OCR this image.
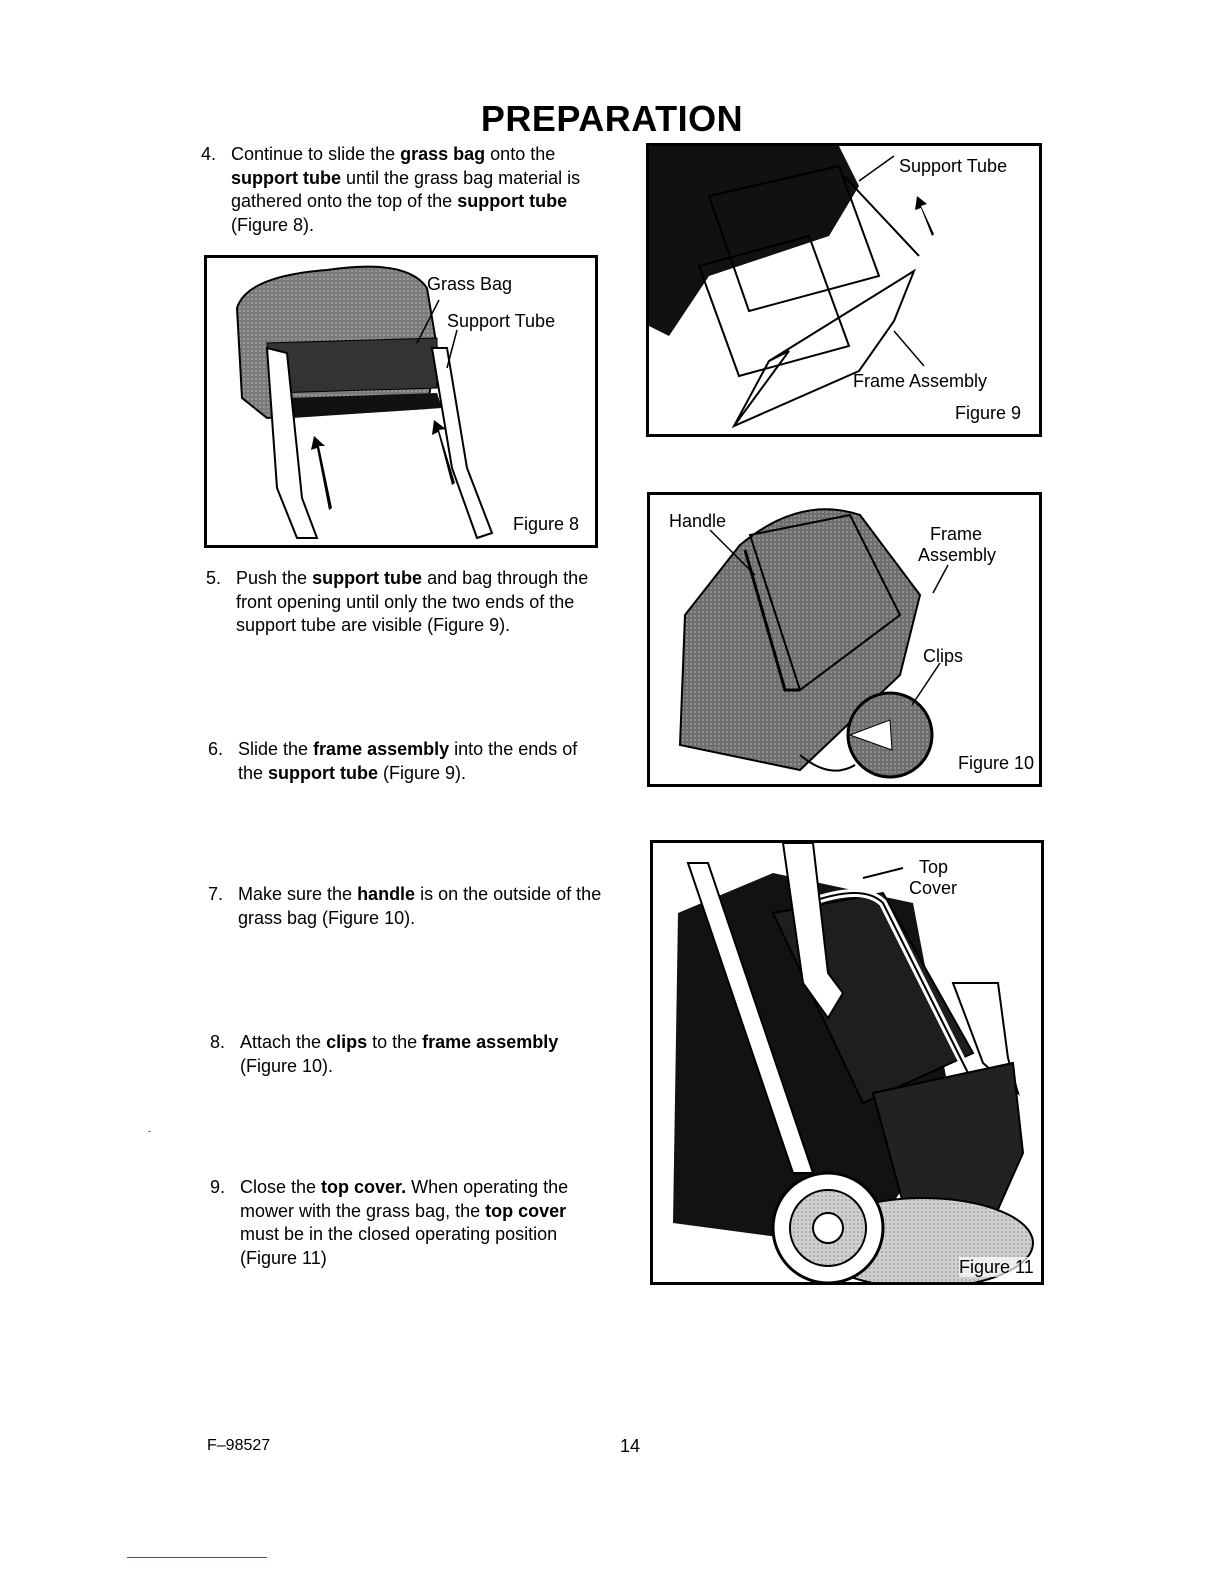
PREPARATION
4. Continue to slide the grass bag onto the support tube until the grass bag material is gathered onto the top of the support tube (Figure 8).
5. Push the support tube and bag through the front opening until only the two ends of the support tube are visible (Figure 9).
6. Slide the frame assembly into the ends of the support tube (Figure 9).
7. Make sure the handle is on the outside of the grass bag (Figure 10).
8. Attach the clips to the frame assembly (Figure 10).
9. Close the top cover. When operating the mower with the grass bag, the top cover must be in the closed operating position (Figure 11)
Grass Bag
Support Tube
Figure 8
Support Tube
Frame Assembly
Figure 9
Handle
Frame
Assembly
Clips
Figure 10
Top
Cover
Figure 11
F–98527	14
